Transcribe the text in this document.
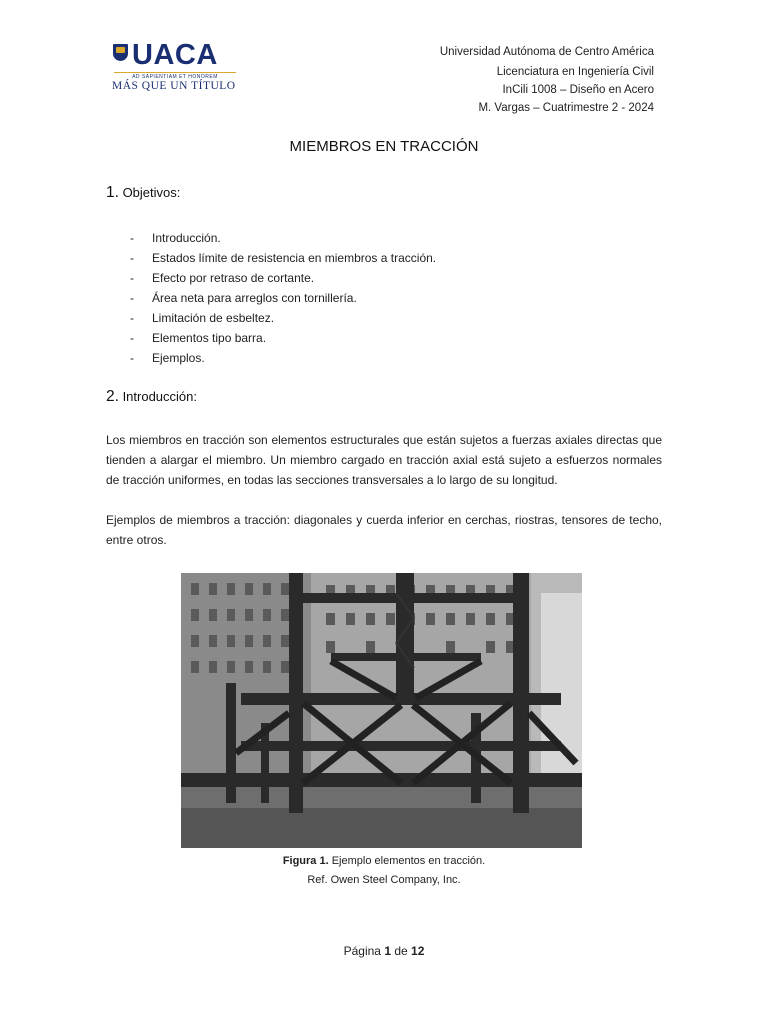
UACA
AD SAPIENTIAM ET HONOREM
MÁS QUE UN TÍTULO
Universidad Autónoma de Centro América
Licenciatura en Ingeniería Civil
InCili 1008 – Diseño en Acero
M. Vargas – Cuatrimestre 2 - 2024
MIEMBROS EN TRACCIÓN
1. Objetivos:
- Introducción.
- Estados límite de resistencia en miembros a tracción.
- Efecto por retraso de cortante.
- Área neta para arreglos con tornillería.
- Limitación de esbeltez.
- Elementos tipo barra.
- Ejemplos.
2. Introducción:
Los miembros en tracción son elementos estructurales que están sujetos a fuerzas axiales directas que tienden a alargar el miembro. Un miembro cargado en tracción axial está sujeto a esfuerzos normales de tracción uniformes, en todas las secciones transversales a lo largo de su longitud.
Ejemplos de miembros a tracción: diagonales y cuerda inferior en cerchas, riostras, tensores de techo, entre otros.
Figura 1. Ejemplo elementos en tracción.
Ref. Owen Steel Company, Inc.
Página 1 de 12
